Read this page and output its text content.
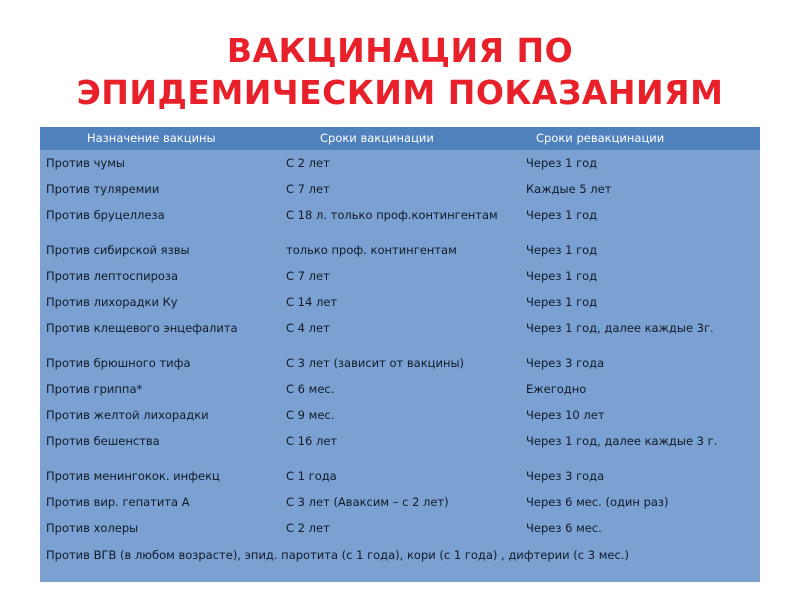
ВАКЦИНАЦИЯ ПО
ЭПИДЕМИЧЕСКИМ ПОКАЗАНИЯМ
Назначение вакцины	Сроки вакцинации	Сроки ревакцинации
Против чумы	С 2 лет	Через 1 год
Против туляремии	С 7 лет	Каждые 5 лет
Против бруцеллеза	С 18 л. только проф.контингентам	Через 1 год
Против сибирской язвы	только проф. контингентам	Через 1 год
Против лептоспироза	С 7 лет	Через 1 год
Против лихорадки Ку	С 14 лет	Через 1 год
Против клещевого энцефалита	С 4 лет	Через 1 год, далее каждые 3г.
Против брюшного тифа	С 3 лет (зависит от вакцины)	Через 3 года
Против гриппа*	С 6 мес.	Ежегодно
Против желтой лихорадки	С 9 мес.	Через 10 лет
Против бешенства	С 16 лет	Через 1 год, далее каждые 3 г.
Против менингокок. инфекц	С 1 года	Через 3 года
Против вир. гепатита А	С 3 лет (Аваксим – с 2 лет)	Через 6 мес. (один раз)
Против холеры	С 2 лет	Через 6 мес.
Против ВГВ (в любом возрасте), эпид. паротита (с 1 года), кори (с 1 года) , дифтерии (с 3 мес.)
